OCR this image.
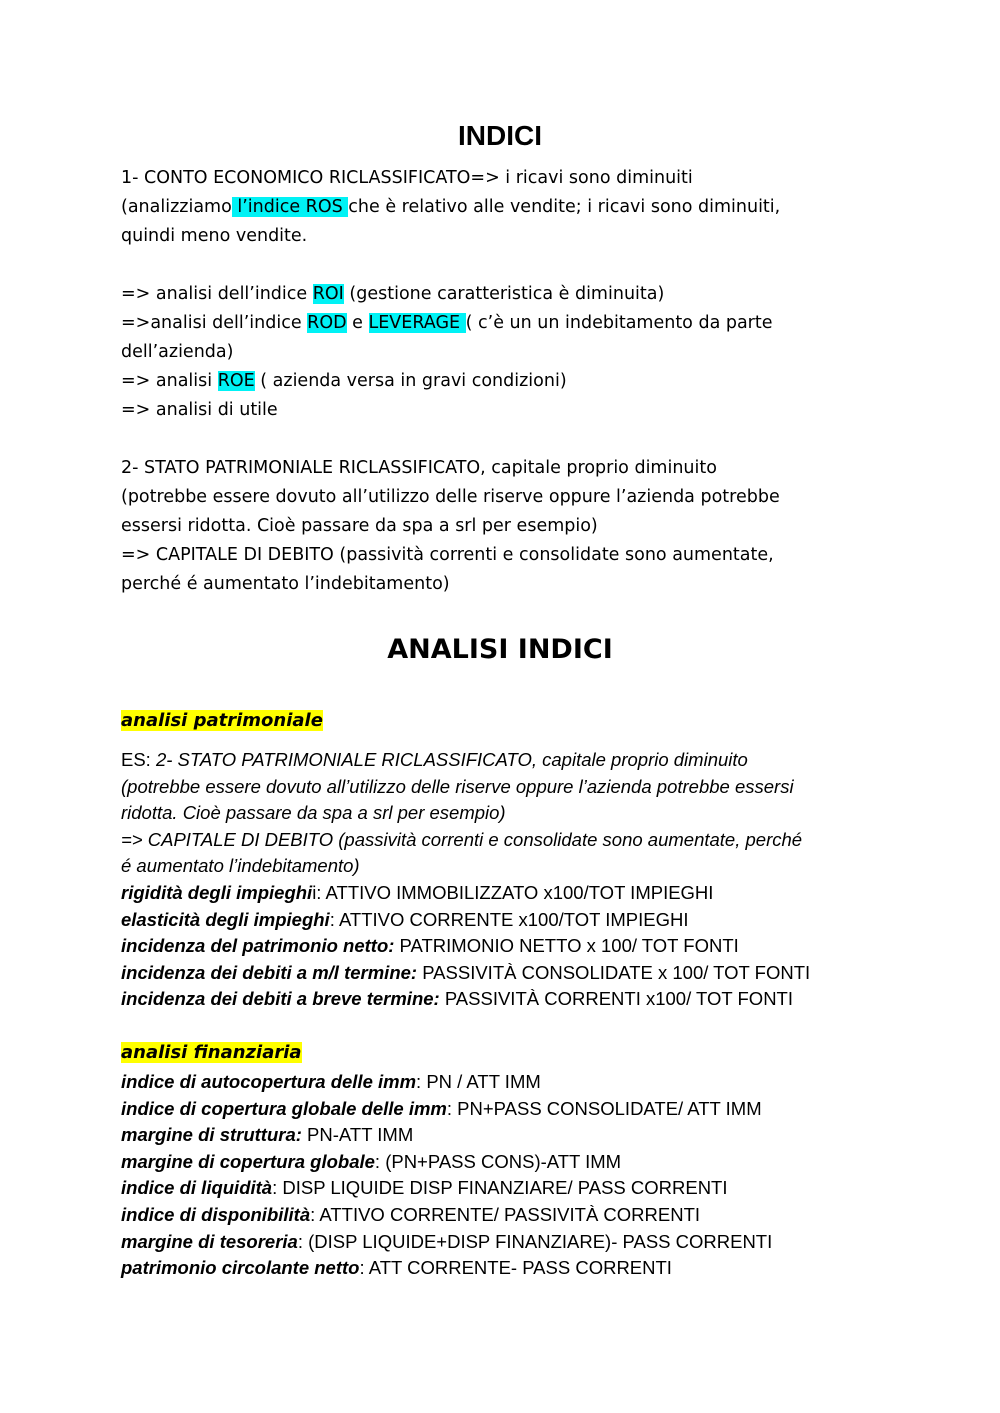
INDICI
1- CONTO ECONOMICO RICLASSIFICATO=> i ricavi sono diminuiti
(analizziamo l’indice ROS che è relativo alle vendite; i ricavi sono diminuiti,
quindi meno vendite.
=> analisi dell’indice ROI (gestione caratteristica è diminuita)
=>analisi dell’indice ROD e LEVERAGE ( c’è un un indebitamento da parte
dell’azienda)
=> analisi ROE ( azienda versa in gravi condizioni)
=> analisi di utile
2- STATO PATRIMONIALE RICLASSIFICATO, capitale proprio diminuito
(potrebbe essere dovuto all’utilizzo delle riserve oppure l’azienda potrebbe
essersi ridotta. Cioè passare da spa a srl per esempio)
=> CAPITALE DI DEBITO (passività correnti e consolidate sono aumentate,
perché é aumentato l’indebitamento)
ANALISI INDICI
analisi patrimoniale
ES: 2- STATO PATRIMONIALE RICLASSIFICATO, capitale proprio diminuito
(potrebbe essere dovuto all’utilizzo delle riserve oppure l’azienda potrebbe essersi
ridotta. Cioè passare da spa a srl per esempio)
=> CAPITALE DI DEBITO (passività correnti e consolidate sono aumentate, perché
é aumentato l’indebitamento)
rigidità degli impieghii: ATTIVO IMMOBILIZZATO x100/TOT IMPIEGHI
elasticità degli impieghi: ATTIVO CORRENTE x100/TOT IMPIEGHI
incidenza del patrimonio netto: PATRIMONIO NETTO x 100/ TOT FONTI
incidenza dei debiti a m/l termine: PASSIVITÀ CONSOLIDATE x 100/ TOT FONTI
incidenza dei debiti a breve termine: PASSIVITÀ CORRENTI x100/ TOT FONTI
analisi finanziaria
indice di autocopertura delle imm: PN / ATT IMM
indice di copertura globale delle imm: PN+PASS CONSOLIDATE/ ATT IMM
margine di struttura: PN-ATT IMM
margine di copertura globale: (PN+PASS CONS)-ATT IMM
indice di liquidità: DISP LIQUIDE DISP FINANZIARE/ PASS CORRENTI
indice di disponibilità: ATTIVO CORRENTE/ PASSIVITÀ CORRENTI
margine di tesoreria: (DISP LIQUIDE+DISP FINANZIARE)- PASS CORRENTI
patrimonio circolante netto: ATT CORRENTE- PASS CORRENTI
